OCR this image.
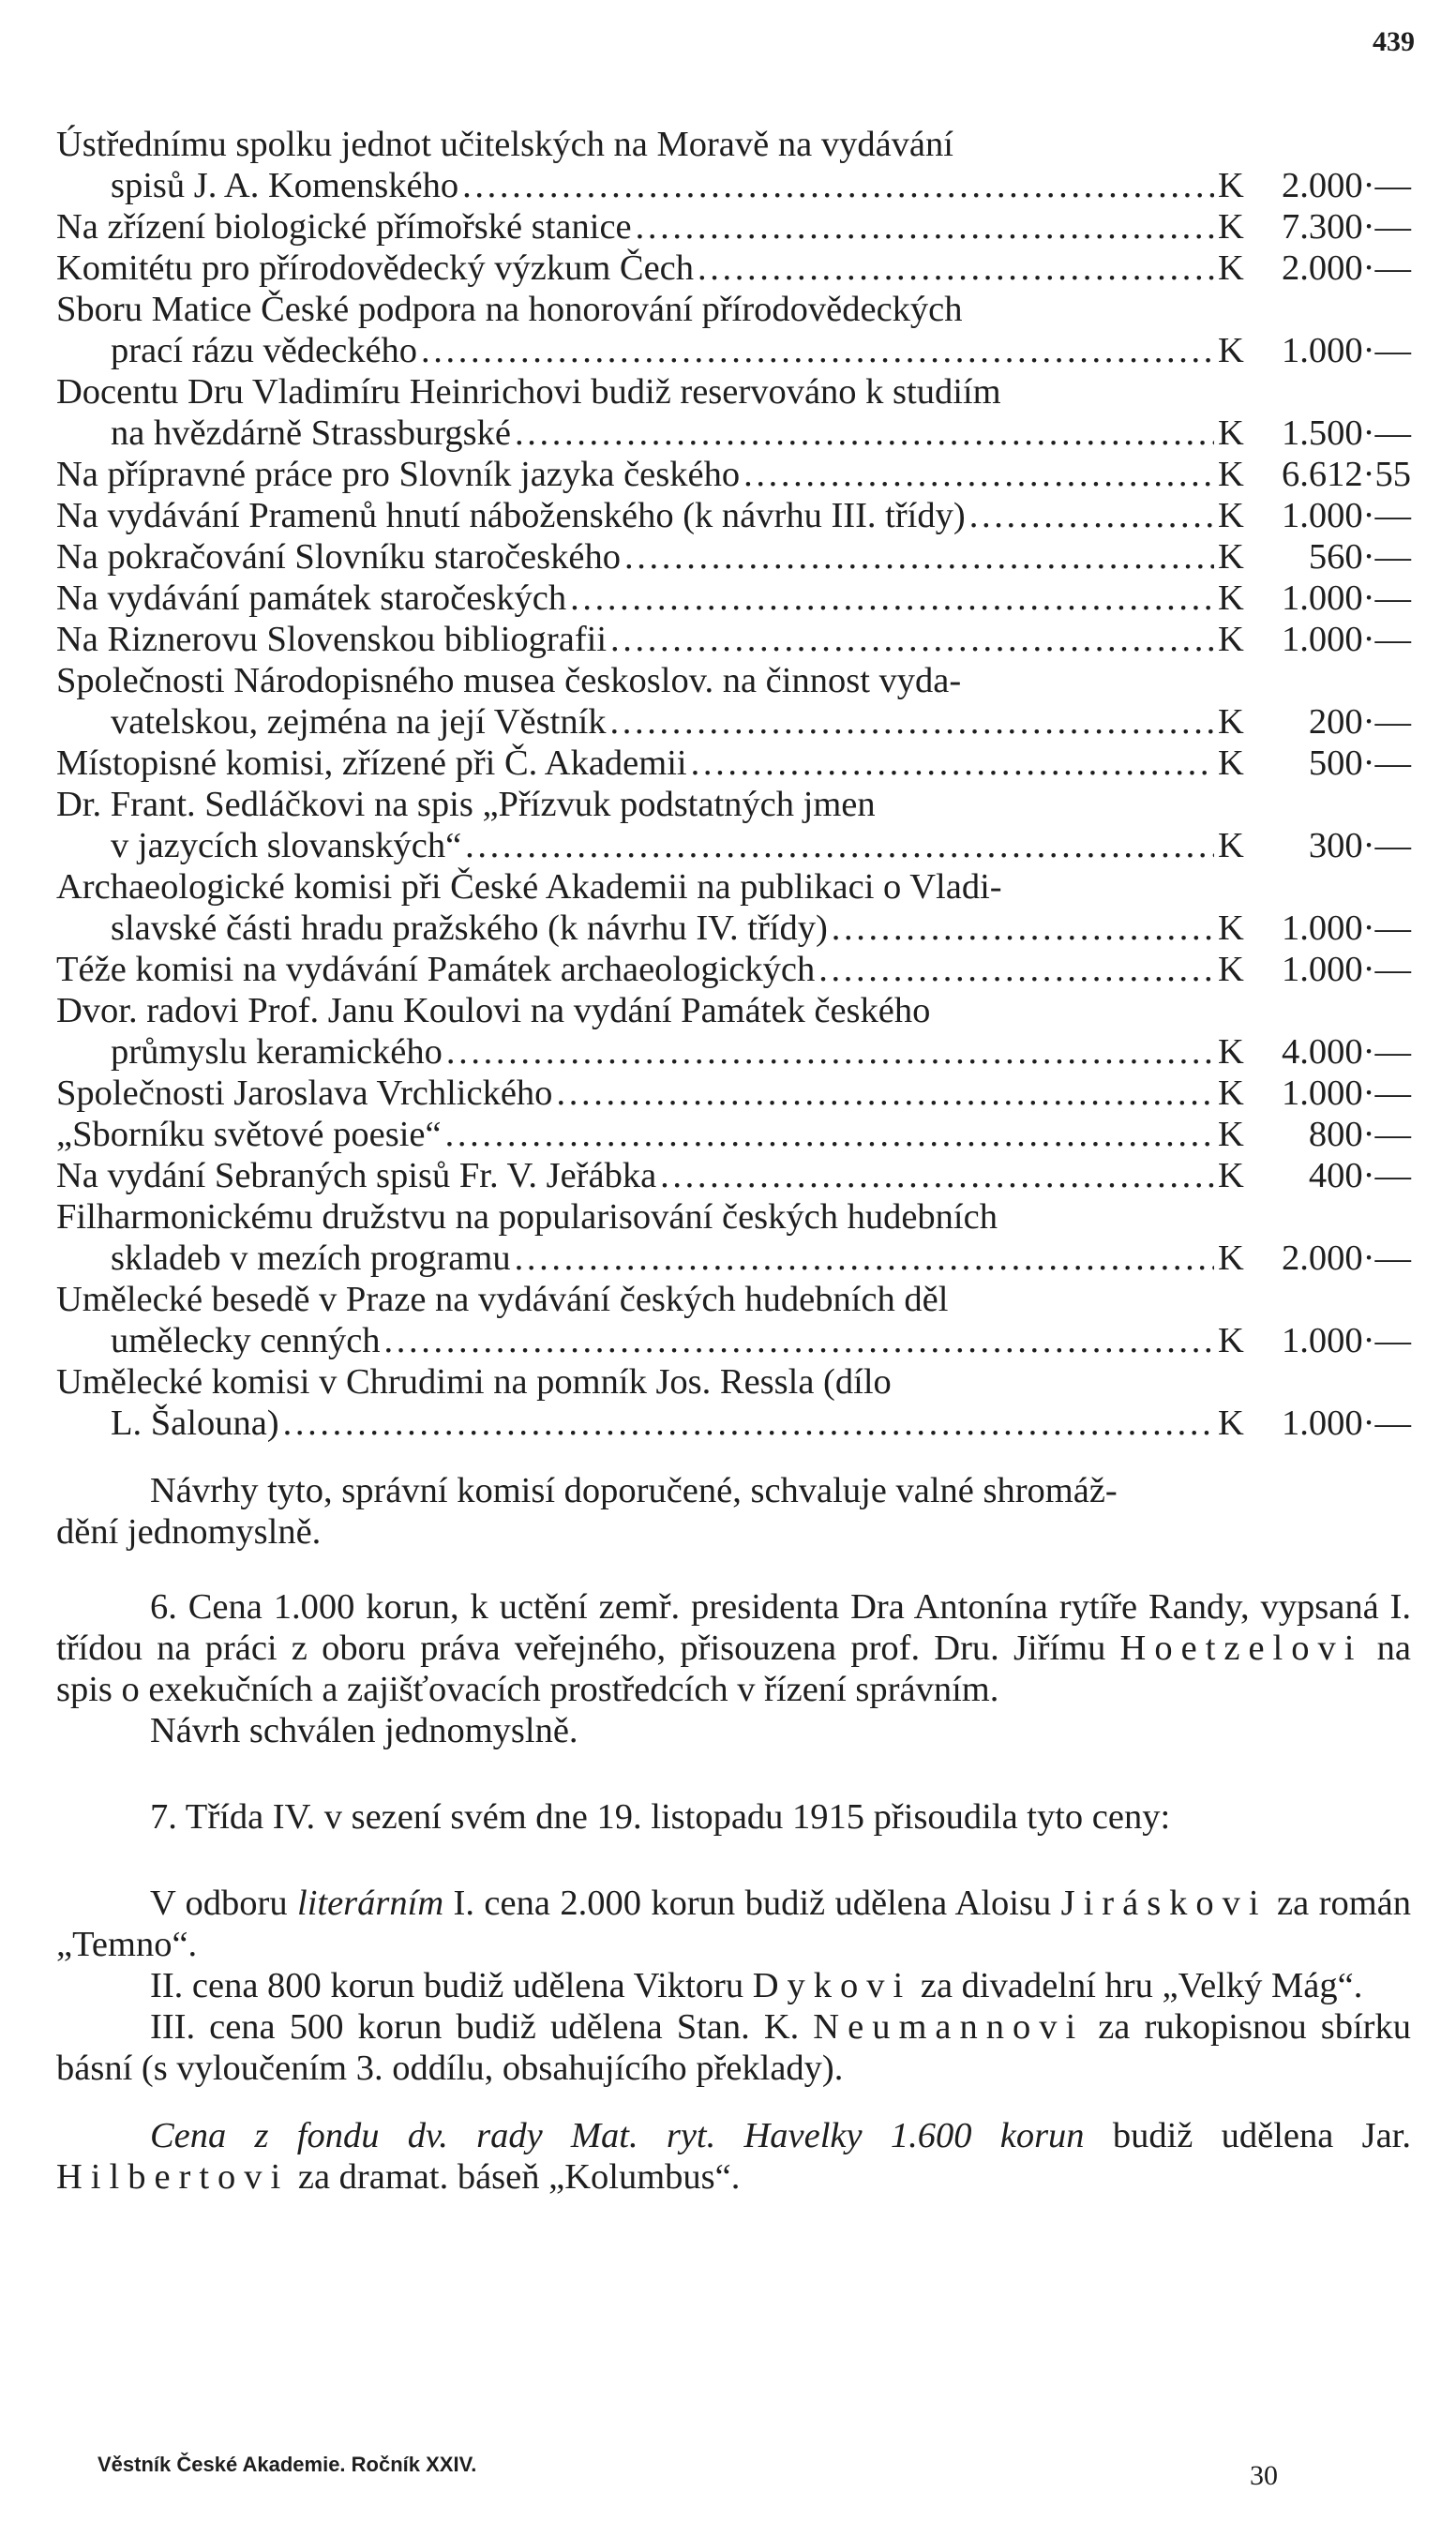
439
Ústřednímu spolku jednot učitelských na Moravě na vydávání
spisů J. A. Komenského . . .	K	2.000·—
Na zřízení biologické přímořské stanice . . .	K	7.300·—
Komitétu pro přírodovědecký výzkum Čech . . .	K	2.000·—
Sboru Matice České podpora na honorování přírodovědeckých
prací rázu vědeckého . . .	K	1.000·—
Docentu Dru Vladimíru Heinrichovi budiž reservováno k studiím
na hvězdárně Strassburgské . . .	K	1.500·—
Na přípravné práce pro Slovník jazyka českého . . .	K	6.612·55
Na vydávání Pramenů hnutí náboženského (k návrhu III. třídy) . . .	K	1.000·—
Na pokračování Slovníku staročeského . . .	K	560·—
Na vydávání památek staročeských . . .	K	1.000·—
Na Riznerovu Slovenskou bibliografii . . .	K	1.000·—
Společnosti Národopisného musea českoslov. na činnost vyda-
vatelskou, zejména na její Věstník . . .	K	200·—
Místopisné komisi, zřízené při Č. Akademii . . .	K	500·—
Dr. Frant. Sedláčkovi na spis „Přízvuk podstatných jmen
v jazycích slovanských“ . . .	K	300·—
Archaeologické komisi při České Akademii na publikaci o Vladi-
slavské části hradu pražského (k návrhu IV. třídy) . . .	K	1.000·—
Téže komisi na vydávání Památek archaeologických . . .	K	1.000·—
Dvor. radovi Prof. Janu Koulovi na vydání Památek českého
průmyslu keramického . . .	K	4.000·—
Společnosti Jaroslava Vrchlického . . .	K	1.000·—
„Sborníku světové poesie“ . . .	K	800·—
Na vydání Sebraných spisů Fr. V. Jeřábka . . .	K	400·—
Filharmonickému družstvu na popularisování českých hudebních
skladeb v mezích programu . . .	K	2.000·—
Umělecké besedě v Praze na vydávání českých hudebních děl
umělecky cenných . . .	K	1.000·—
Umělecké komisi v Chrudimi na pomník Jos. Ressla (dílo
L. Šalouna) . . .	K	1.000·—

Návrhy tyto, správní komisí doporučené, schvaluje valné shromáž-
dění jednomyslně.

6. Cena 1.000 korun, k uctění zemř. presidenta Dra Antonína rytíře Randy, vypsaná I. třídou na práci z oboru práva veřejného, přisouzena prof. Dru. Jiřímu Hoetzelovi na spis o exekučních a zajišťovacích prostředcích v řízení správním.

Návrh schválen jednomyslně.

7. Třída IV. v sezení svém dne 19. listopadu 1915 přisoudila tyto ceny:

V odboru literárním I. cena 2.000 korun budiž udělena Aloisu Jiráskovi za román „Temno“.

II. cena 800 korun budiž udělena Viktoru Dykovi za divadelní hru „Velký Mág“.

III. cena 500 korun budiž udělena Stan. K. Neumannovi za rukopisnou sbírku básní (s vyloučením 3. oddílu, obsahujícího překlady).

Cena z fondu dv. rady Mat. ryt. Havelky 1.600 korun budiž udělena Jar. Hilbertovi za dramat. báseň „Kolumbus“.

Věstník České Akademie. Ročník XXIV.	30
